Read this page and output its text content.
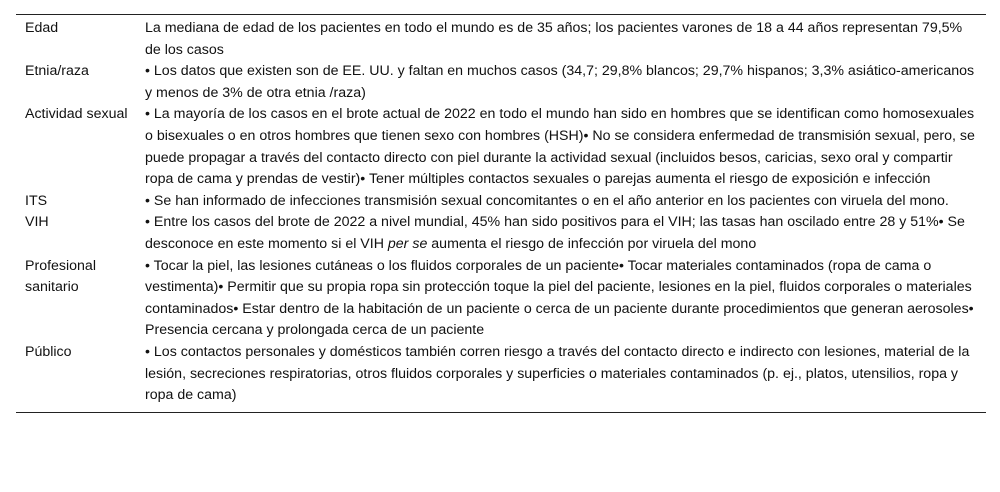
Edad	La mediana de edad de los pacientes en todo el mundo es de 35 años; los pacientes varones de 18 a 44 años representan 79,5% de los casos
Etnia/raza	• Los datos que existen son de EE. UU. y faltan en muchos casos (34,7; 29,8% blancos; 29,7% hispanos; 3,3% asiático-americanos y menos de 3% de otra etnia /raza)
Actividad sexual	• La mayoría de los casos en el brote actual de 2022 en todo el mundo han sido en hombres que se identifican como homosexuales o bisexuales o en otros hombres que tienen sexo con hombres (HSH)• No se considera enfermedad de transmisión sexual, pero, se puede propagar a través del contacto directo con piel durante la actividad sexual (incluidos besos, caricias, sexo oral y compartir ropa de cama y prendas de vestir)• Tener múltiples contactos sexuales o parejas aumenta el riesgo de exposición e infección
ITS	• Se han informado de infecciones transmisión sexual concomitantes o en el año anterior en los pacientes con viruela del mono.
VIH	• Entre los casos del brote de 2022 a nivel mundial, 45% han sido positivos para el VIH; las tasas han oscilado entre 28 y 51%• Se desconoce en este momento si el VIH per se aumenta el riesgo de infección por viruela del mono
Profesional sanitario	• Tocar la piel, las lesiones cutáneas o los fluidos corporales de un paciente• Tocar materiales contaminados (ropa de cama o vestimenta)• Permitir que su propia ropa sin protección toque la piel del paciente, lesiones en la piel, fluidos corporales o materiales contaminados• Estar dentro de la habitación de un paciente o cerca de un paciente durante procedimientos que generan aerosoles• Presencia cercana y prolongada cerca de un paciente
Público	• Los contactos personales y domésticos también corren riesgo a través del contacto directo e indirecto con lesiones, material de la lesión, secreciones respiratorias, otros fluidos corporales y superficies o materiales contaminados (p. ej., platos, utensilios, ropa y ropa de cama)
